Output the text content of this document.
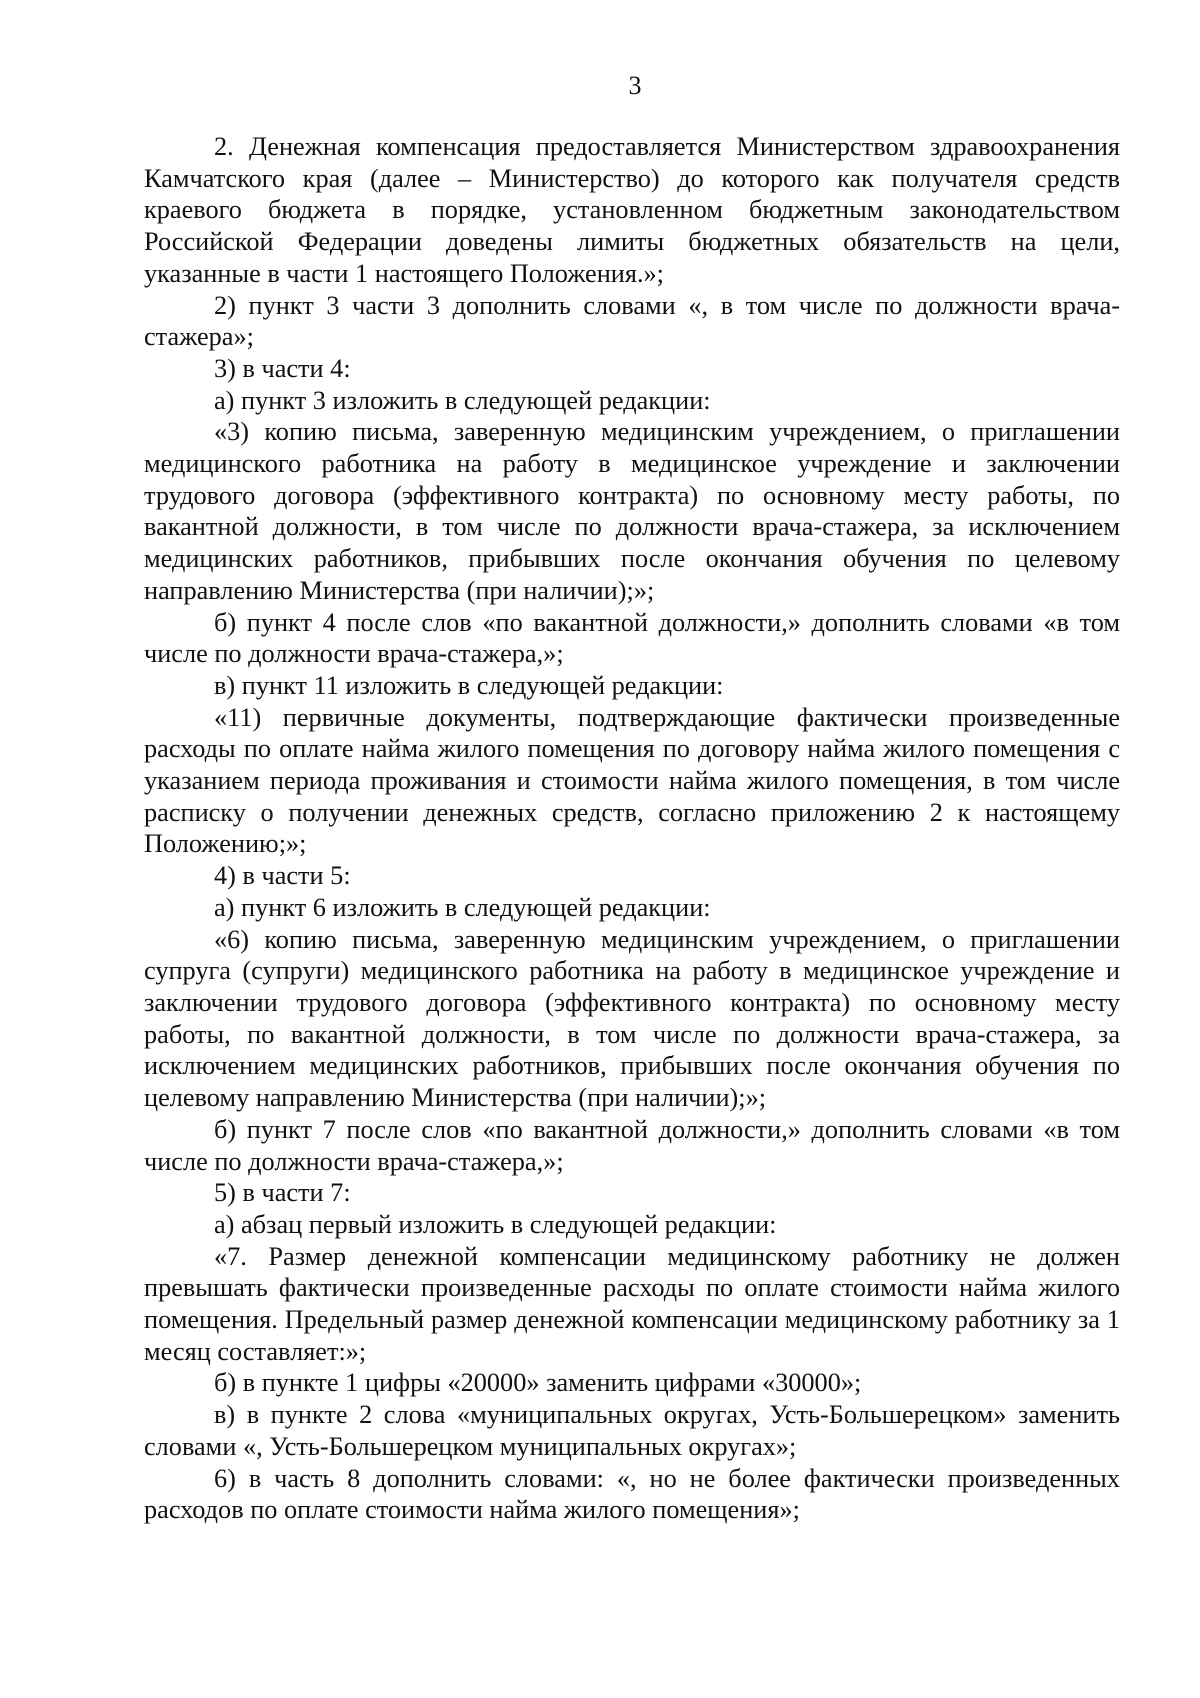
3

2. Денежная компенсация предоставляется Министерством здравоохранения Камчатского края (далее – Министерство) до которого как получателя средств краевого бюджета в порядке, установленном бюджетным законодательством Российской Федерации доведены лимиты бюджетных обязательств на цели, указанные в части 1 настоящего Положения.»;

2) пункт 3 части 3 дополнить словами «, в том числе по должности врача-стажера»;

3) в части 4:

а) пункт 3 изложить в следующей редакции:

«3) копию письма, заверенную медицинским учреждением, о приглашении медицинского работника на работу в медицинское учреждение и заключении трудового договора (эффективного контракта) по основному месту работы, по вакантной должности, в том числе по должности врача-стажера, за исключением медицинских работников, прибывших после окончания обучения по целевому направлению Министерства (при наличии);»;

б) пункт 4 после слов «по вакантной должности,» дополнить словами «в том числе по должности врача-стажера,»;

в) пункт 11 изложить в следующей редакции:

«11) первичные документы, подтверждающие фактически произведенные расходы по оплате найма жилого помещения по договору найма жилого помещения с указанием периода проживания и стоимости найма жилого помещения, в том числе расписку о получении денежных средств, согласно приложению 2 к настоящему Положению;»;

4) в части 5:

а) пункт 6 изложить в следующей редакции:

«6) копию письма, заверенную медицинским учреждением, о приглашении супруга (супруги) медицинского работника на работу в медицинское учреждение и заключении трудового договора (эффективного контракта) по основному месту работы, по вакантной должности, в том числе по должности врача-стажера, за исключением медицинских работников, прибывших после окончания обучения по целевому направлению Министерства (при наличии);»;

б) пункт 7 после слов «по вакантной должности,» дополнить словами «в том числе по должности врача-стажера,»;

5) в части 7:

а) абзац первый изложить в следующей редакции:

«7. Размер денежной компенсации медицинскому работнику не должен превышать фактически произведенные расходы по оплате стоимости найма жилого помещения. Предельный размер денежной компенсации медицинскому работнику за 1 месяц составляет:»;

б) в пункте 1 цифры «20000» заменить цифрами «30000»;

в) в пункте 2 слова «муниципальных округах, Усть-Большерецком» заменить словами «, Усть-Большерецком муниципальных округах»;

6) в часть 8 дополнить словами: «, но не более фактически произведенных расходов по оплате стоимости найма жилого помещения»;
